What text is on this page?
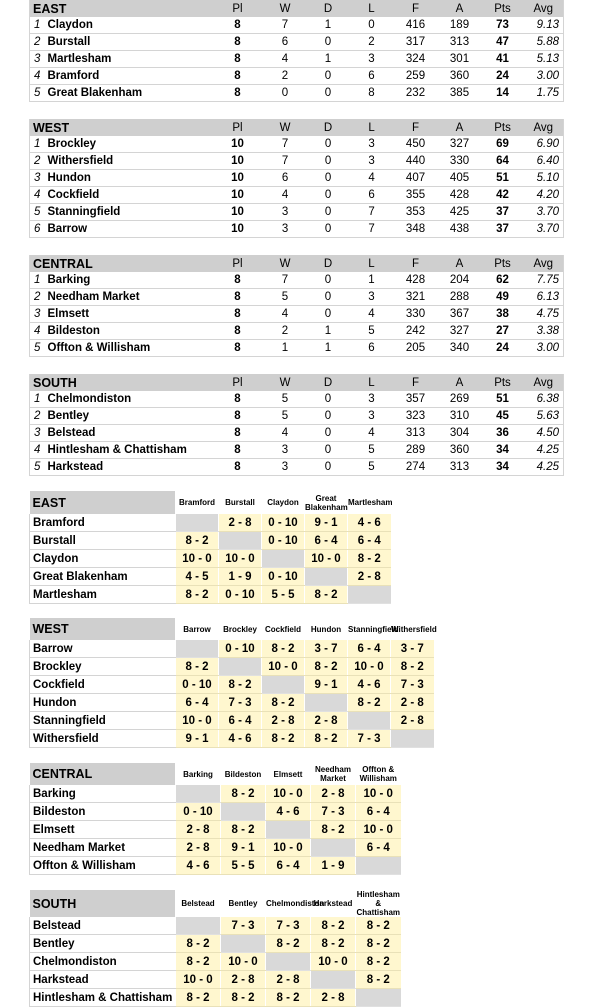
EAST		Pl	W	D	L	F	A	Pts	Avg
1	Claydon	8	7	1	0	416	189	73	9.13
2	Burstall	8	6	0	2	317	313	47	5.88
3	Martlesham	8	4	1	3	324	301	41	5.13
4	Bramford	8	2	0	6	259	360	24	3.00
5	Great Blakenham	8	0	0	8	232	385	14	1.75
WEST		Pl	W	D	L	F	A	Pts	Avg
1	Brockley	10	7	0	3	450	327	69	6.90
2	Withersfield	10	7	0	3	440	330	64	6.40
3	Hundon	10	6	0	4	407	405	51	5.10
4	Cockfield	10	4	0	6	355	428	42	4.20
5	Stanningfield	10	3	0	7	353	425	37	3.70
6	Barrow	10	3	0	7	348	438	37	3.70
CENTRAL		Pl	W	D	L	F	A	Pts	Avg
1	Barking	8	7	0	1	428	204	62	7.75
2	Needham Market	8	5	0	3	321	288	49	6.13
3	Elmsett	8	4	0	4	330	367	38	4.75
4	Bildeston	8	2	1	5	242	327	27	3.38
5	Offton & Willisham	8	1	1	6	205	340	24	3.00
SOUTH		Pl	W	D	L	F	A	Pts	Avg
1	Chelmondiston	8	5	0	3	357	269	51	6.38
2	Bentley	8	5	0	3	323	310	45	5.63
3	Belstead	8	4	0	4	313	304	36	4.50
4	Hintlesham & Chattisham	8	3	0	5	289	360	34	4.25
5	Harkstead	8	3	0	5	274	313	34	4.25
EAST	Bramford	Burstall	Claydon	Great Blakenham	Martlesham
Bramford		2 - 8	0 - 10	9 - 1	4 - 6
Burstall	8 - 2		0 - 10	6 - 4	6 - 4
Claydon	10 - 0	10 - 0		10 - 0	8 - 2
Great Blakenham	4 - 5	1 - 9	0 - 10		2 - 8
Martlesham	8 - 2	0 - 10	5 - 5	8 - 2	
WEST	Barrow	Brockley	Cockfield	Hundon	Stanningfield	Withersfield
Barrow		0 - 10	8 - 2	3 - 7	6 - 4	3 - 7
Brockley	8 - 2		10 - 0	8 - 2	10 - 0	8 - 2
Cockfield	0 - 10	8 - 2		9 - 1	4 - 6	7 - 3
Hundon	6 - 4	7 - 3	8 - 2		8 - 2	2 - 8
Stanningfield	10 - 0	6 - 4	2 - 8	2 - 8		2 - 8
Withersfield	9 - 1	4 - 6	8 - 2	8 - 2	7 - 3	
CENTRAL	Barking	Bildeston	Elmsett	Needham Market	Offton & Willisham
Barking		8 - 2	10 - 0	2 - 8	10 - 0
Bildeston	0 - 10		4 - 6	7 - 3	6 - 4
Elmsett	2 - 8	8 - 2		8 - 2	10 - 0
Needham Market	2 - 8	9 - 1	10 - 0		6 - 4
Offton & Willisham	4 - 6	5 - 5	6 - 4	1 - 9	
SOUTH	Belstead	Bentley	Chelmondiston	Harkstead	Hintlesham & Chattisham
Belstead		7 - 3	7 - 3	8 - 2	8 - 2
Bentley	8 - 2		8 - 2	8 - 2	8 - 2
Chelmondiston	8 - 2	10 - 0		10 - 0	8 - 2
Harkstead	10 - 0	2 - 8	2 - 8		8 - 2
Hintlesham & Chattisham	8 - 2	8 - 2	8 - 2	2 - 8	
